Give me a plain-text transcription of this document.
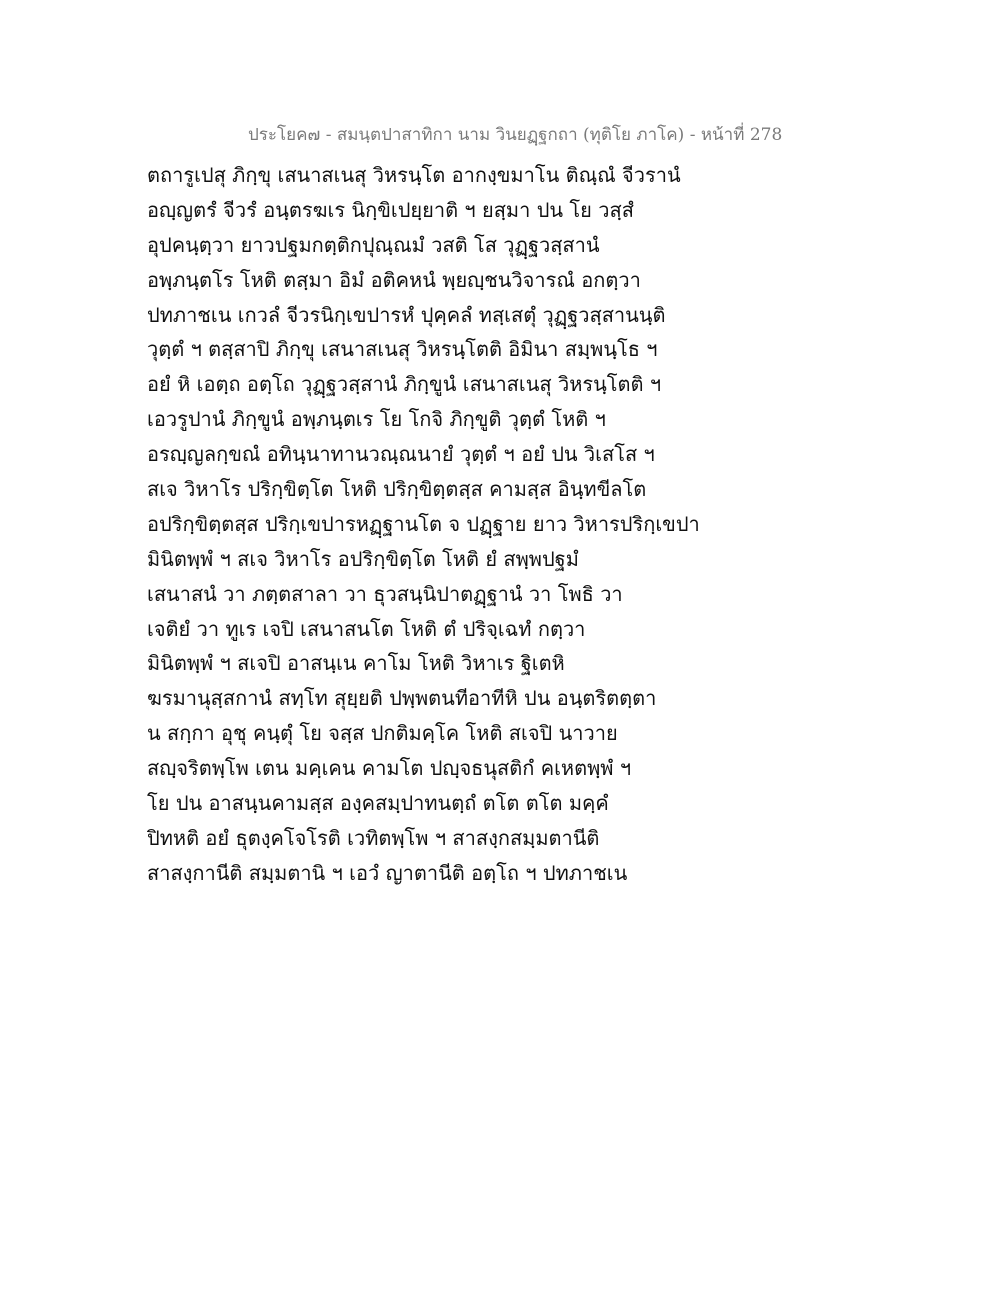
ประโยค๗ - สมนฺตปาสาทิกา นาม วินยฏฺฐกถา (ทุติโย ภาโค) - หน้าที่ 278
ตถารูเปสุ ภิกฺขุ เสนาสเนสุ วิหรนฺโต อากงฺขมาโน ติณฺณํ จีวรานํ
อญฺญตรํ จีวรํ อนฺตรฆเร นิกฺขิเปยฺยาติ ฯ ยสฺมา ปน โย วสฺสํ
อุปคนฺตฺวา ยาวปฐมกตฺติกปุณฺณมํ วสติ โส วุฏฺฐวสฺสานํ
อพฺภนฺตโร โหติ ตสฺมา อิมํ อติคหนํ พฺยญฺชนวิจารณํ อกตฺวา
ปทภาชเน เกวลํ จีวรนิกฺเขปารหํ ปุคฺคลํ ทสฺเสตุํ วุฏฺฐวสฺสานนฺติ
วุตฺตํ ฯ ตสฺสาปิ ภิกฺขุ เสนาสเนสุ วิหรนฺโตติ อิมินา สมฺพนฺโธ ฯ
อยํ หิ เอตฺถ อตฺโถ วุฏฺฐวสฺสานํ ภิกฺขูนํ เสนาสเนสุ วิหรนฺโตติ ฯ
เอวรูปานํ ภิกฺขูนํ อพฺภนฺตเร โย โกจิ ภิกฺขูติ วุตฺตํ โหติ ฯ
อรญฺญลกฺขณํ อทินฺนาทานวณฺณนายํ วุตฺตํ ฯ อยํ ปน วิเสโส ฯ
สเจ วิหาโร ปริกฺขิตฺโต โหติ ปริกฺขิตฺตสฺส คามสฺส อินฺทขีลโต
อปริกฺขิตฺตสฺส ปริกฺเขปารหฏฺฐานโต จ ปฏฺฐาย ยาว วิหารปริกฺเขปา
มินิตพฺพํ ฯ สเจ วิหาโร อปริกฺขิตฺโต โหติ ยํ สพฺพปฐมํ
เสนาสนํ วา ภตฺตสาลา วา ธุวสนฺนิปาตฏฺฐานํ วา โพธิ วา
เจติยํ วา ทูเร เจปิ เสนาสนโต โหติ ตํ ปริจฺเฉทํ กตฺวา
มินิตพฺพํ ฯ สเจปิ อาสนฺเน คาโม โหติ วิหาเร ฐิเตหิ
ฆรมานุสฺสกานํ สทฺโท สุยฺยติ ปพฺพตนทีอาทีหิ ปน อนฺตริตตฺตา
น สกฺกา อุชุ คนฺตุํ โย จสฺส ปกติมคฺโค โหติ สเจปิ นาวาย
สญฺจริตพฺโพ เตน มคฺเคน คามโต ปญฺจธนุสติกํ คเหตพฺพํ ฯ
โย ปน อาสนฺนคามสฺส องฺคสมฺปาทนตฺถํ ตโต ตโต มคฺคํ
ปิทหติ อยํ ธุตงฺคโจโรติ เวทิตพฺโพ ฯ สาสงฺกสมฺมตานีติ
สาสงฺกานีติ สมฺมตานิ ฯ เอวํ ญาตานีติ อตฺโถ ฯ ปทภาชเน
